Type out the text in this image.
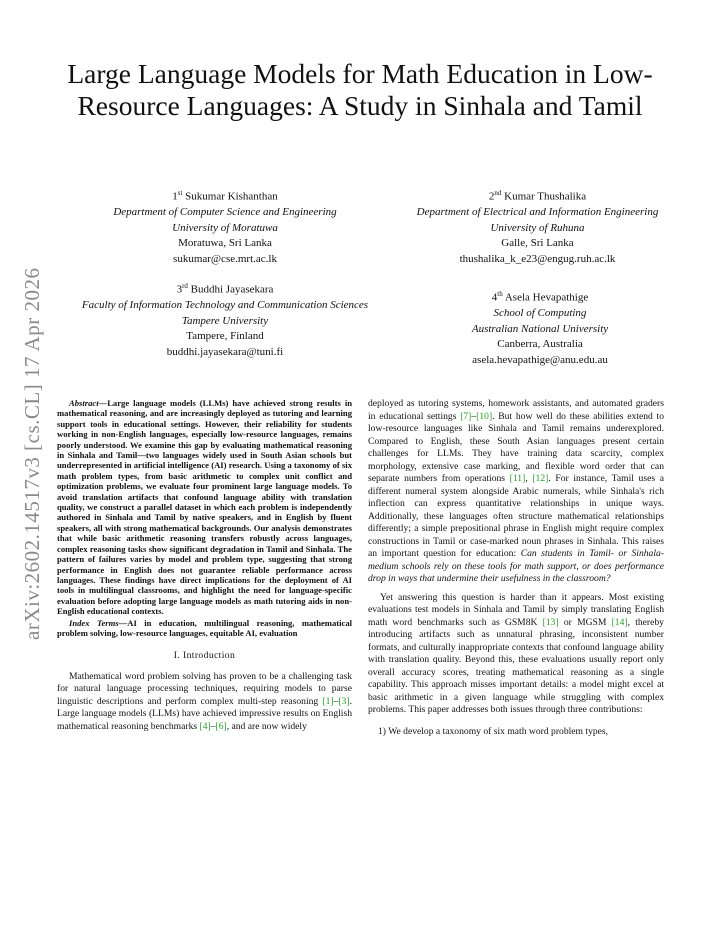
arXiv:2602.14517v3 [cs.CL] 17 Apr 2026
Large Language Models for Math Education in Low-Resource Languages: A Study in Sinhala and Tamil
1st Sukumar Kishanthan
Department of Computer Science and Engineering
University of Moratuwa
Moratuwa, Sri Lanka
sukumar@cse.mrt.ac.lk
2nd Kumar Thushalika
Department of Electrical and Information Engineering
University of Ruhuna
Galle, Sri Lanka
thushalika_k_e23@engug.ruh.ac.lk
3rd Buddhi Jayasekara
Faculty of Information Technology and Communication Sciences
Tampere University
Tampere, Finland
buddhi.jayasekara@tuni.fi
4th Asela Hevapathige
School of Computing
Australian National University
Canberra, Australia
asela.hevapathige@anu.edu.au

Abstract—Large language models (LLMs) have achieved strong results in mathematical reasoning, and are increasingly deployed as tutoring and learning support tools in educational settings. However, their reliability for students working in non-English languages, especially low-resource languages, remains poorly understood. We examine this gap by evaluating mathematical reasoning in Sinhala and Tamil—two languages widely used in South Asian schools but underrepresented in artificial intelligence (AI) research. Using a taxonomy of six math problem types, from basic arithmetic to complex unit conflict and optimization problems, we evaluate four prominent large language models. To avoid translation artifacts that confound language ability with translation quality, we construct a parallel dataset in which each problem is independently authored in Sinhala and Tamil by native speakers, and in English by fluent speakers, all with strong mathematical backgrounds. Our analysis demonstrates that while basic arithmetic reasoning transfers robustly across languages, complex reasoning tasks show significant degradation in Tamil and Sinhala. The pattern of failures varies by model and problem type, suggesting that strong performance in English does not guarantee reliable performance across languages. These findings have direct implications for the deployment of AI tools in multilingual classrooms, and highlight the need for language-specific evaluation before adopting large language models as math tutoring aids in non-English educational contexts.

Index Terms—AI in education, multilingual reasoning, mathematical problem solving, low-resource languages, equitable AI, evaluation

I. Introduction

Mathematical word problem solving has proven to be a challenging task for natural language processing techniques, requiring models to parse linguistic descriptions and perform complex multi-step reasoning [1]–[3]. Large language models (LLMs) have achieved impressive results on English mathematical reasoning benchmarks [4]–[6], and are now widely

deployed as tutoring systems, homework assistants, and automated graders in educational settings [7]–[10]. But how well do these abilities extend to low-resource languages like Sinhala and Tamil remains underexplored. Compared to English, these South Asian languages present certain challenges for LLMs. They have training data scarcity, complex morphology, extensive case marking, and flexible word order that can separate numbers from operations [11], [12]. For instance, Tamil uses a different numeral system alongside Arabic numerals, while Sinhala's rich inflection can express quantitative relationships in unique ways. Additionally, these languages often structure mathematical relationships differently; a simple prepositional phrase in English might require complex constructions in Tamil or case-marked noun phrases in Sinhala. This raises an important question for education: Can students in Tamil- or Sinhala-medium schools rely on these tools for math support, or does performance drop in ways that undermine their usefulness in the classroom?

Yet answering this question is harder than it appears. Most existing evaluations test models in Sinhala and Tamil by simply translating English math word benchmarks such as GSM8K [13] or MGSM [14], thereby introducing artifacts such as unnatural phrasing, inconsistent number formats, and culturally inappropriate contexts that confound language ability with translation quality. Beyond this, these evaluations usually report only overall accuracy scores, treating mathematical reasoning as a single capability. This approach misses important details: a model might excel at basic arithmetic in a given language while struggling with complex problems. This paper addresses both issues through three contributions:

1) We develop a taxonomy of six math word problem types,
